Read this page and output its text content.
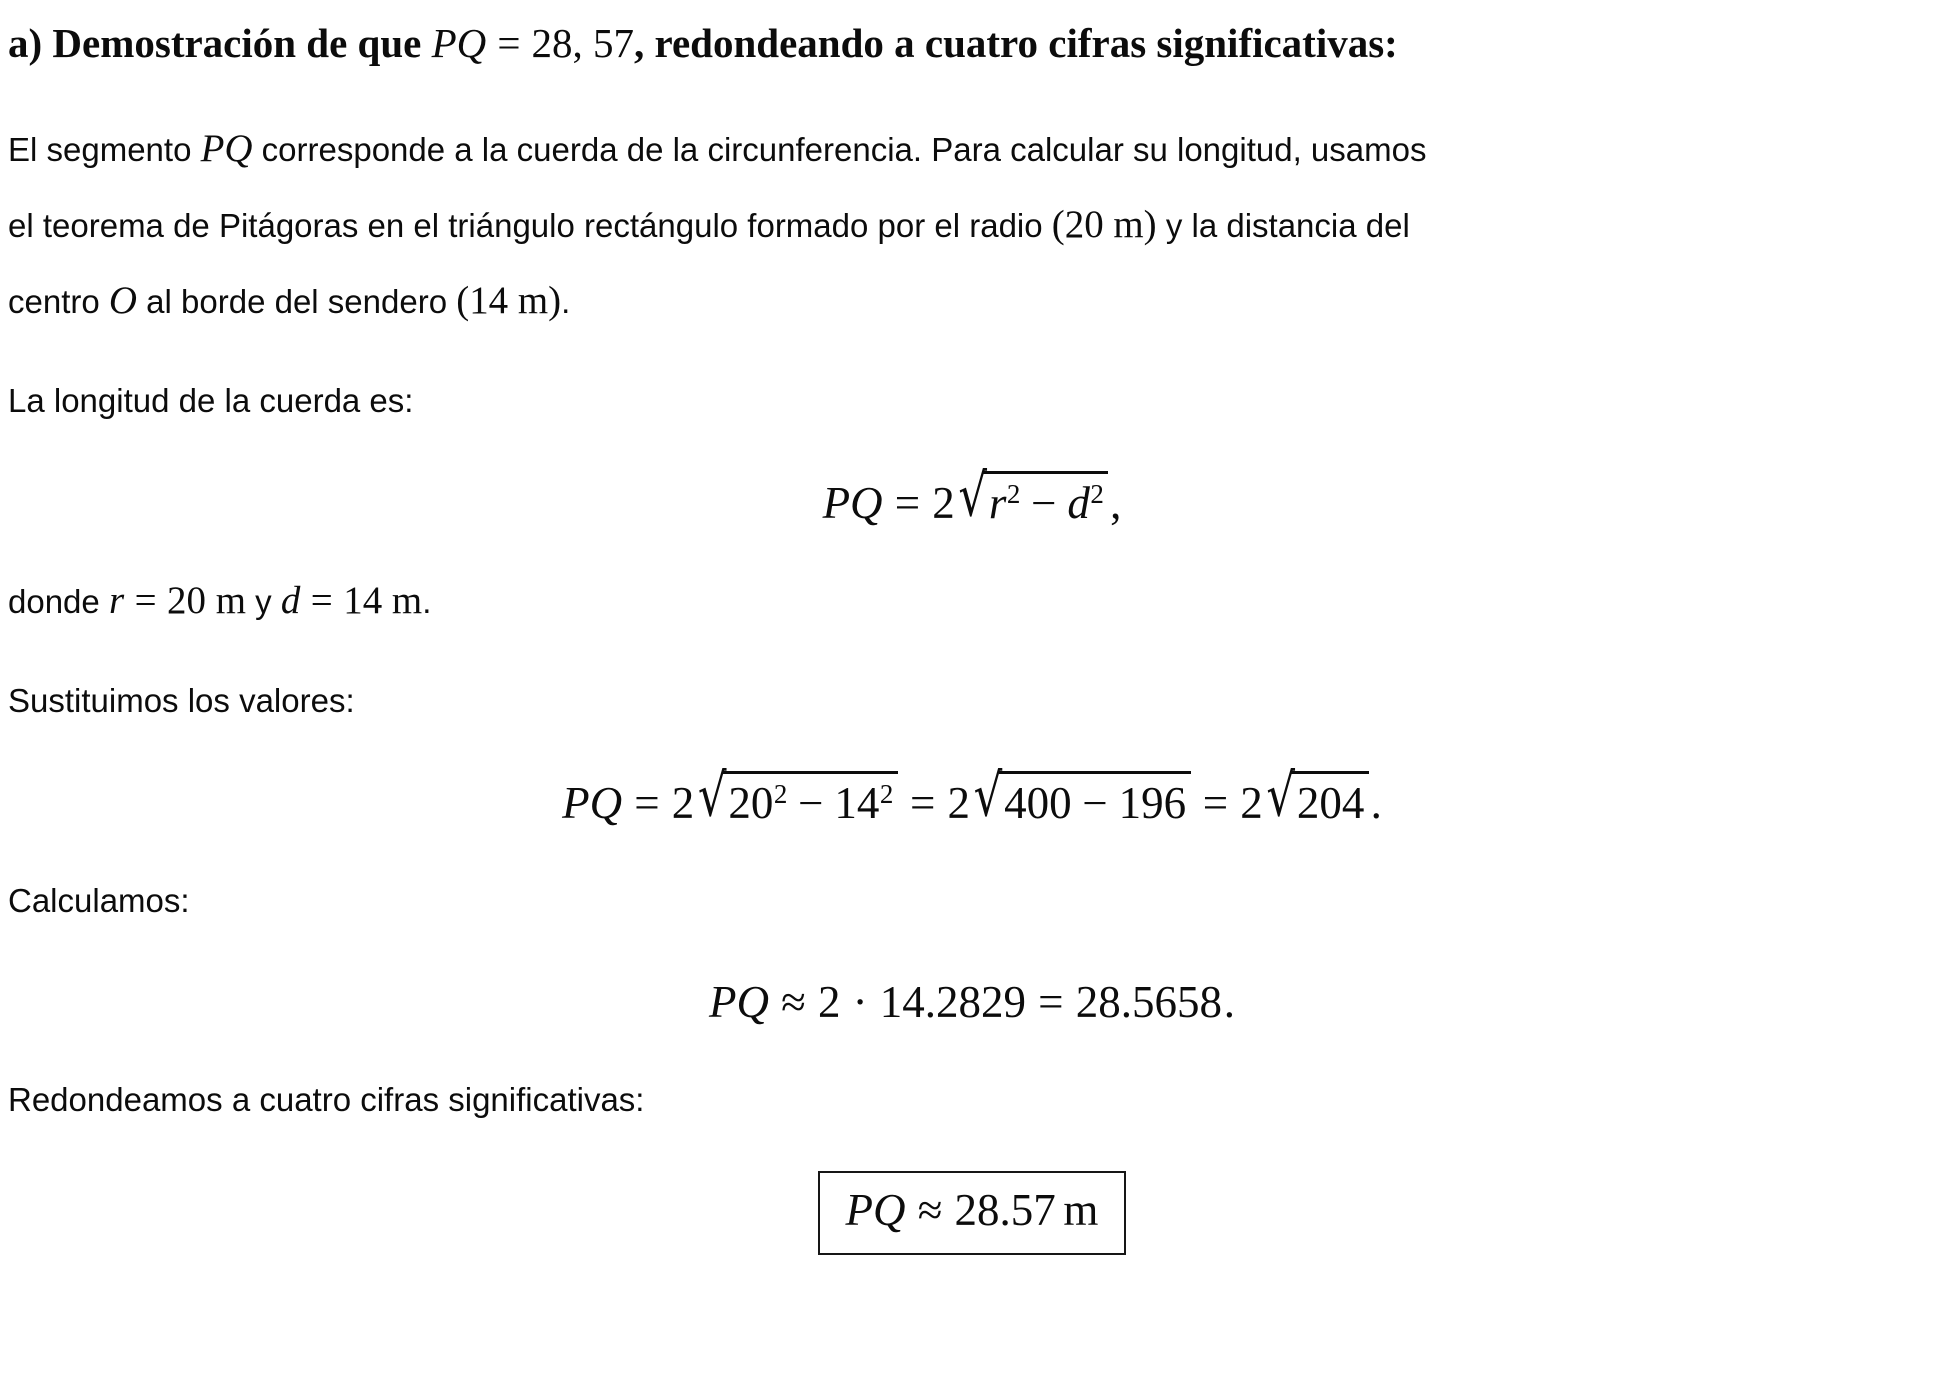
a) Demostración de que PQ = 28, 57, redondeando a cuatro cifras significativas:
El segmento PQ corresponde a la cuerda de la circunferencia. Para calcular su longitud, usamos
el teorema de Pitágoras en el triángulo rectángulo formado por el radio (20 m) y la distancia del
centro O al borde del sendero (14 m).
La longitud de la cuerda es:
PQ = $2√r^2 - d^2$ ,
donde r = 20 m y d = 14 m.
Sustituimos los valores:
PQ = $2√20^2 - 14^2 = 2√400 - 196 = 2√204$ .
Calculamos:
PQ ≈ 2 · 14.2829 = 28.5658.
Redondeamos a cuatro cifras significativas:
PQ ≈ 28.57 m
